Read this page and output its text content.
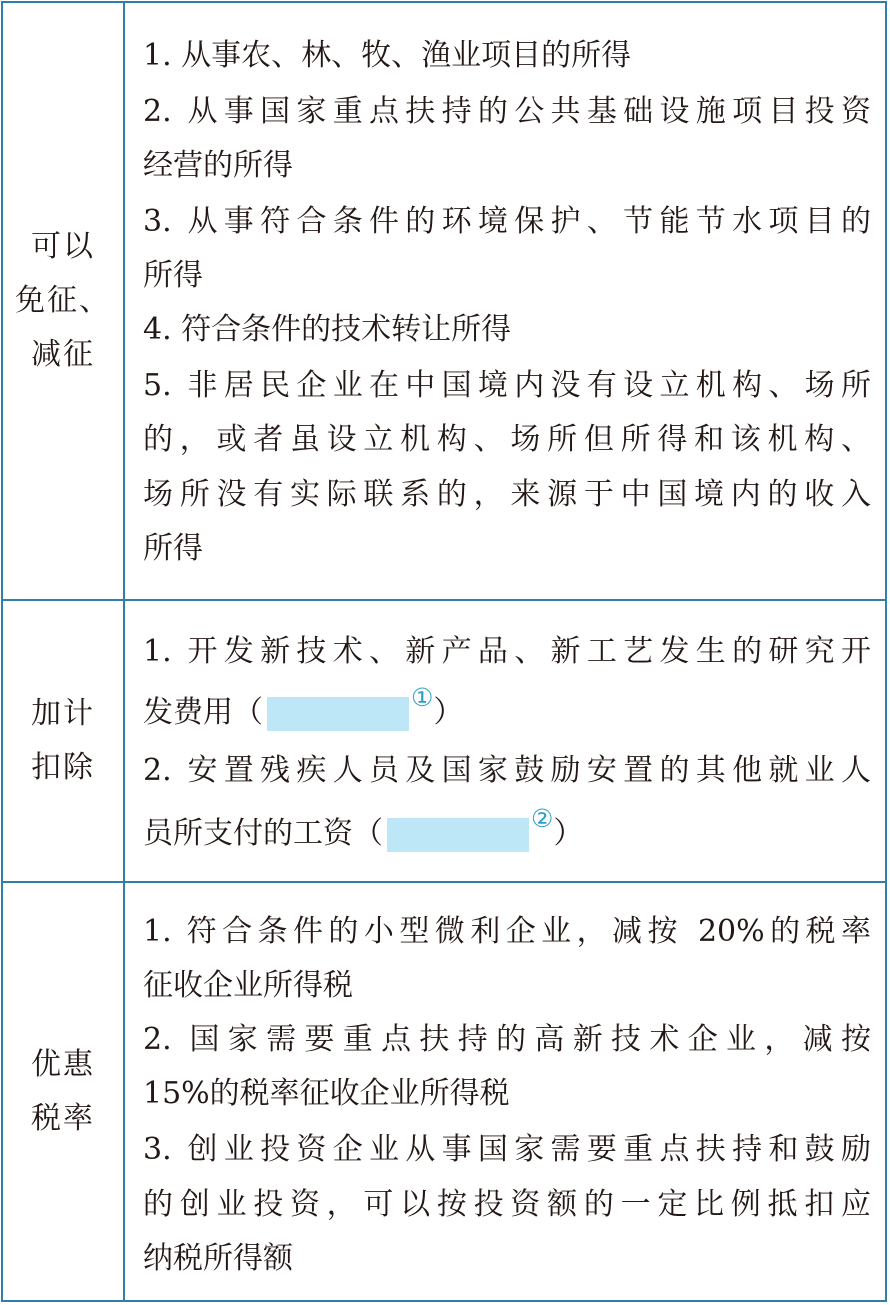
可以
免征、
减征
1. 从事农、林、牧、渔业项目的所得
2. 从事国家重点扶持的公共基础设施项目投资
经营的所得
3. 从事符合条件的环境保护、节能节水项目的
所得
4. 符合条件的技术转让所得
5. 非居民企业在中国境内没有设立机构、场所
的，或者虽设立机构、场所但所得和该机构、
场所没有实际联系的，来源于中国境内的收入
所得
加计
扣除
1. 开发新技术、新产品、新工艺发生的研究开
发费用（	①）
2. 安置残疾人员及国家鼓励安置的其他就业人
员所支付的工资（	②）
优惠
税率
1. 符合条件的小型微利企业，减按 20%的税率
征收企业所得税
2. 国家需要重点扶持的高新技术企业，减按
15%的税率征收企业所得税
3. 创业投资企业从事国家需要重点扶持和鼓励
的创业投资，可以按投资额的一定比例抵扣应
纳税所得额
